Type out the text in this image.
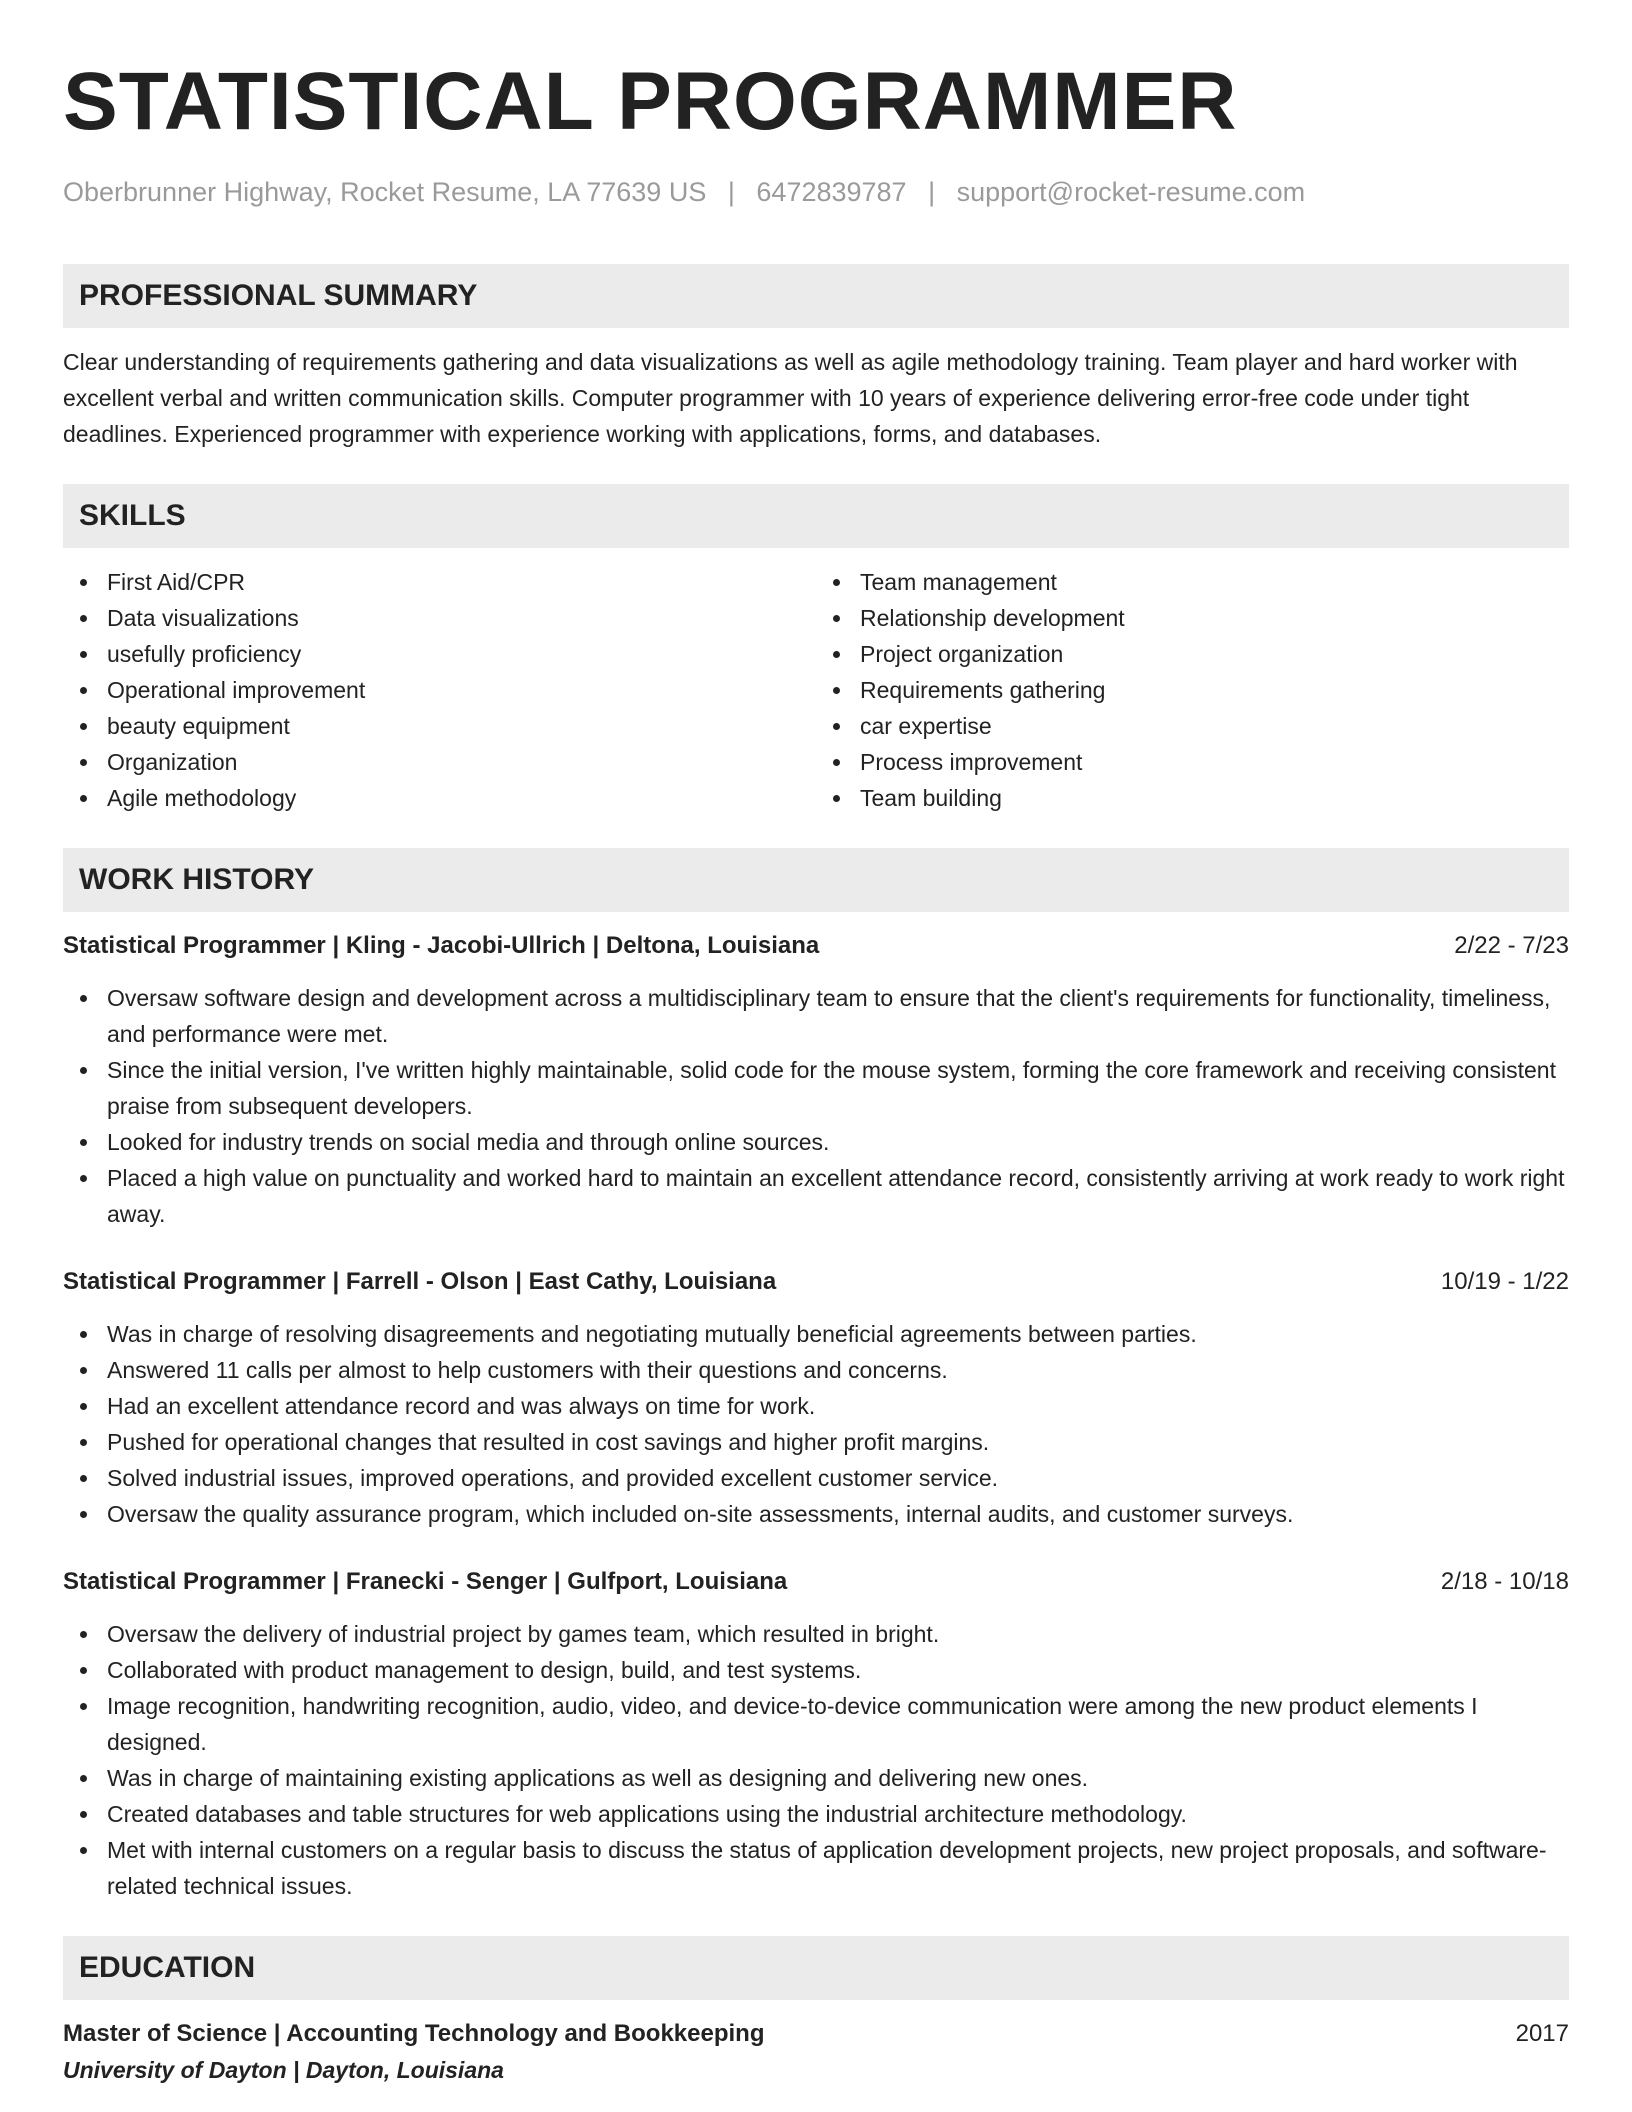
STATISTICAL PROGRAMMER
Oberbrunner Highway, Rocket Resume, LA 77639 US | 6472839787 | support@rocket-resume.com
PROFESSIONAL SUMMARY

Clear understanding of requirements gathering and data visualizations as well as agile methodology training. Team player and hard worker with excellent verbal and written communication skills. Computer programmer with 10 years of experience delivering error-free code under tight deadlines. Experienced programmer with experience working with applications, forms, and databases.

SKILLS
First Aid/CPR	Team management
Data visualizations	Relationship development
usefully proficiency	Project organization
Operational improvement	Requirements gathering
beauty equipment	car expertise
Organization	Process improvement
Agile methodology	Team building
WORK HISTORY
Statistical Programmer | Kling - Jacobi-Ullrich | Deltona, Louisiana	2/22 - 7/23
Oversaw software design and development across a multidisciplinary team to ensure that the client's requirements for functionality, timeliness, and performance were met.
Since the initial version, I've written highly maintainable, solid code for the mouse system, forming the core framework and receiving consistent praise from subsequent developers.
Looked for industry trends on social media and through online sources.
Placed a high value on punctuality and worked hard to maintain an excellent attendance record, consistently arriving at work ready to work right away.
Statistical Programmer | Farrell - Olson | East Cathy, Louisiana	10/19 - 1/22
Was in charge of resolving disagreements and negotiating mutually beneficial agreements between parties.
Answered 11 calls per almost to help customers with their questions and concerns.
Had an excellent attendance record and was always on time for work.
Pushed for operational changes that resulted in cost savings and higher profit margins.
Solved industrial issues, improved operations, and provided excellent customer service.
Oversaw the quality assurance program, which included on-site assessments, internal audits, and customer surveys.
Statistical Programmer | Franecki - Senger | Gulfport, Louisiana	2/18 - 10/18
Oversaw the delivery of industrial project by games team, which resulted in bright.
Collaborated with product management to design, build, and test systems.
Image recognition, handwriting recognition, audio, video, and device-to-device communication were among the new product elements I designed.
Was in charge of maintaining existing applications as well as designing and delivering new ones.
Created databases and table structures for web applications using the industrial architecture methodology.
Met with internal customers on a regular basis to discuss the status of application development projects, new project proposals, and software-related technical issues.
EDUCATION
Master of Science | Accounting Technology and Bookkeeping	2017
University of Dayton | Dayton, Louisiana
